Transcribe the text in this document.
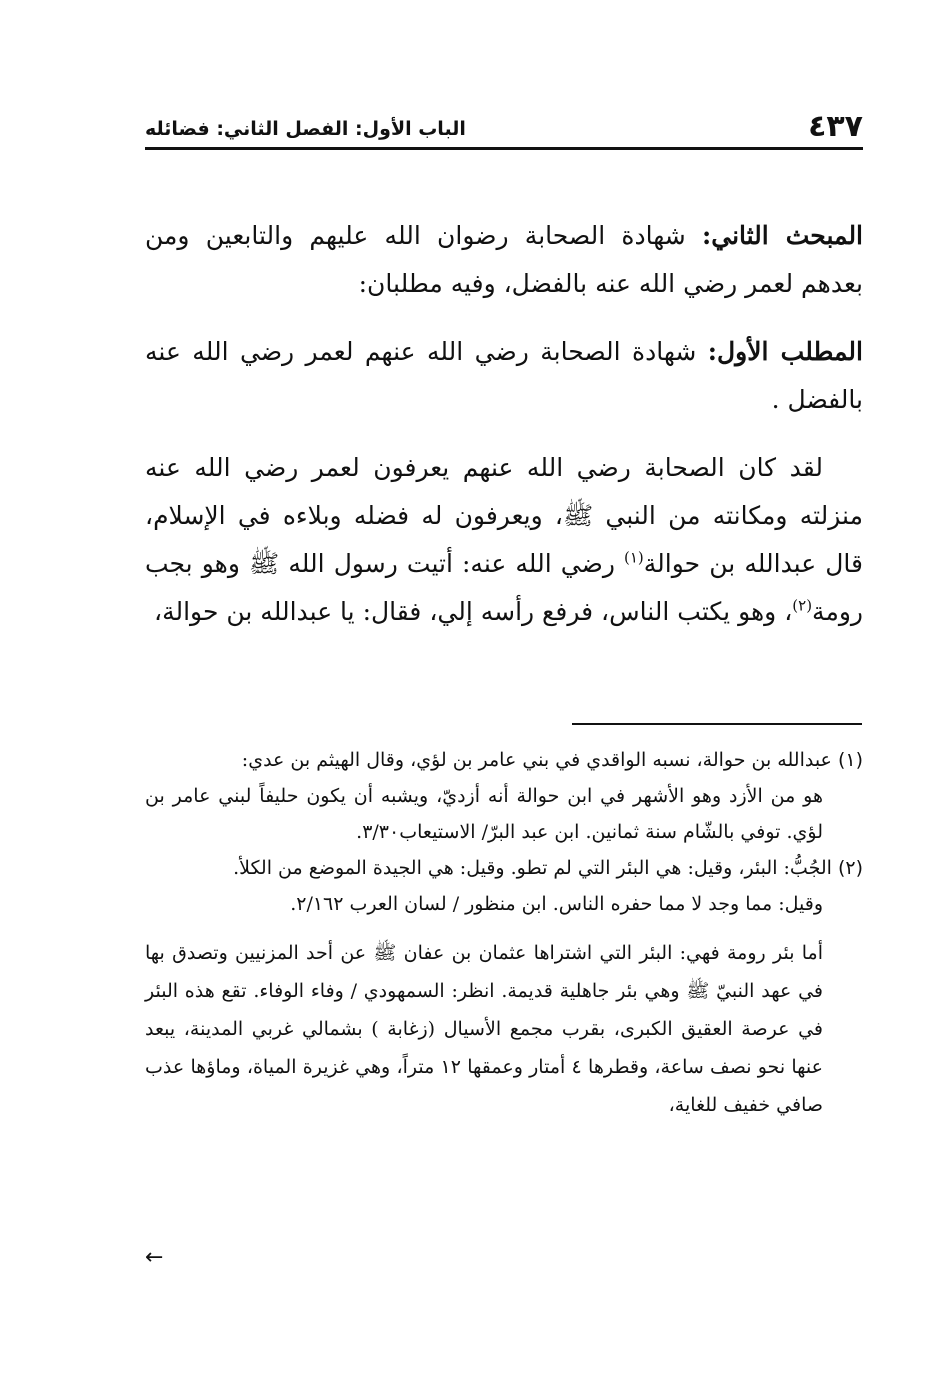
٤٣٧
الباب الأول: الفصل الثاني: فضائله

المبحث الثاني: شهادة الصحابة رضوان الله عليهم والتابعين ومن بعدهم لعمر رضي الله عنه بالفضل، وفيه مطلبان:

المطلب الأول: شهادة الصحابة رضي الله عنهم لعمر رضي الله عنه بالفضل .

لقد كان الصحابة رضي الله عنهم يعرفون لعمر رضي الله عنه منزلته ومكانته من النبي ﷺ، ويعرفون له فضله وبلاءه في الإسلام، قال عبدالله بن حوالة$^{(١)}$ رضي الله عنه: أتيت رسول الله ﷺ وهو بجب رومة$^{(٢)}$، وهو يكتب الناس، فرفع رأسه إلي، فقال: يا عبدالله بن حوالة،

(١) عبدالله بن حوالة، نسبه الواقدي في بني عامر بن لؤي، وقال الهيثم بن عدي:

هو من الأزد وهو الأشهر في ابن حوالة أنه أزديّ، ويشبه أن يكون حليفاً لبني عامر بن لؤي. توفي بالشّام سنة ثمانين. ابن عبد البرّ/ الاستيعاب٣/٣٠.

(٢) الجُبُّ: البئر، وقيل: هي البئر التي لم تطو. وقيل: هي الجيدة الموضع من الكلأ.

وقيل: مما وجد لا مما حفره الناس. ابن منظور / لسان العرب ٢/١٦٢.

أما بئر رومة فهي: البئر التي اشتراها عثمان بن عفان ﷺ عن أحد المزنيين وتصدق بها في عهد النبيّ ﷺ وهي بئر جاهلية قديمة. انظر: السمهودي / وفاء الوفاء. تقع هذه البئر في عرصة العقيق الكبرى، بقرب مجمع الأسيال (زغابة ) بشمالي غربي المدينة، يبعد عنها نحو نصف ساعة، وقطرها ٤ أمتار وعمقها ١٢ متراً، وهي غزيرة المياة، وماؤها عذب صافي خفيف للغاية،

←
